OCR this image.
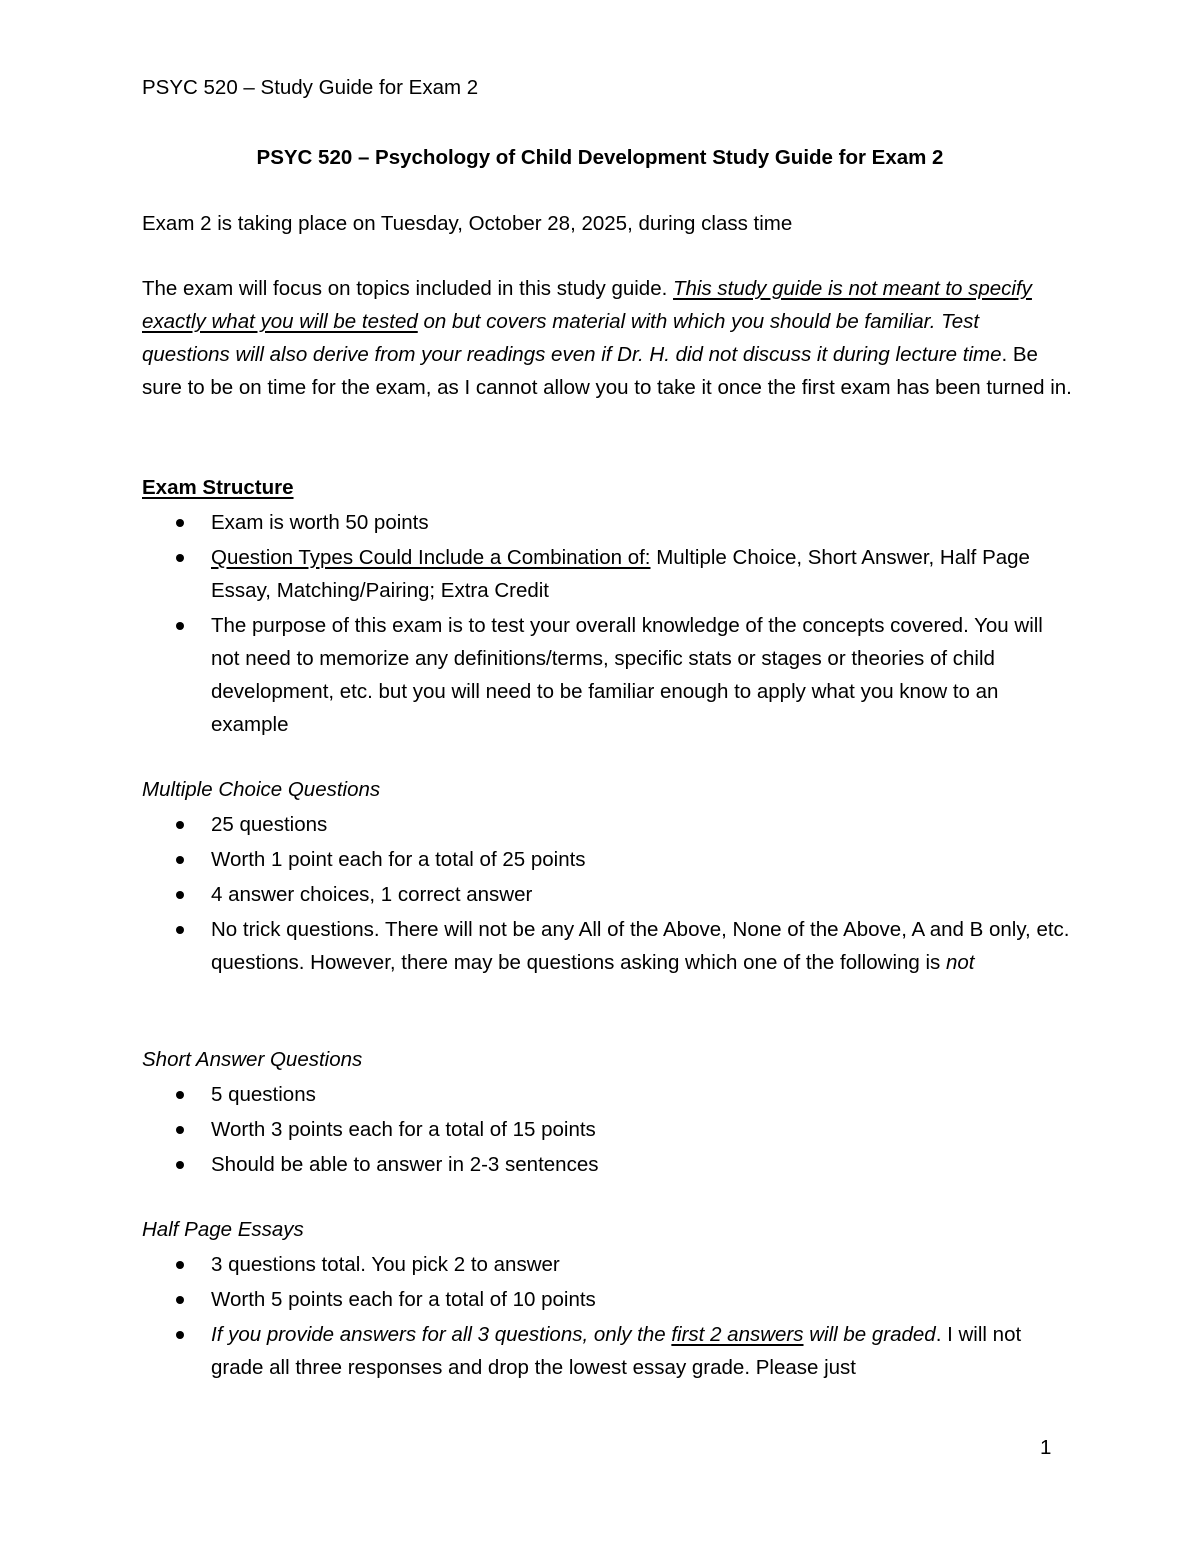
PSYC 520 – Study Guide for Exam 2
PSYC 520 – Psychology of Child Development Study Guide for Exam 2

Exam 2 is taking place on Tuesday, October 28, 2025, during class time

The exam will focus on topics included in this study guide. This study guide is not meant to specify exactly what you will be tested on but covers material with which you should be familiar. Test questions will also derive from your readings even if Dr. H. did not discuss it during lecture time. Be sure to be on time for the exam, as I cannot allow you to take it once the first exam has been turned in.

Exam Structure
Exam is worth 50 points
Question Types Could Include a Combination of: Multiple Choice, Short Answer, Half Page Essay, Matching/Pairing; Extra Credit
The purpose of this exam is to test your overall knowledge of the concepts covered. You will not need to memorize any definitions/terms, specific stats or stages or theories of child development, etc. but you will need to be familiar enough to apply what you know to an example
Multiple Choice Questions
25 questions
Worth 1 point each for a total of 25 points
4 answer choices, 1 correct answer
No trick questions. There will not be any All of the Above, None of the Above, A and B only, etc. questions. However, there may be questions asking which one of the following is not
Short Answer Questions
5 questions
Worth 3 points each for a total of 15 points
Should be able to answer in 2-3 sentences
Half Page Essays
3 questions total. You pick 2 to answer
Worth 5 points each for a total of 10 points
If you provide answers for all 3 questions, only the first 2 answers will be graded. I will not grade all three responses and drop the lowest essay grade. Please just
1
